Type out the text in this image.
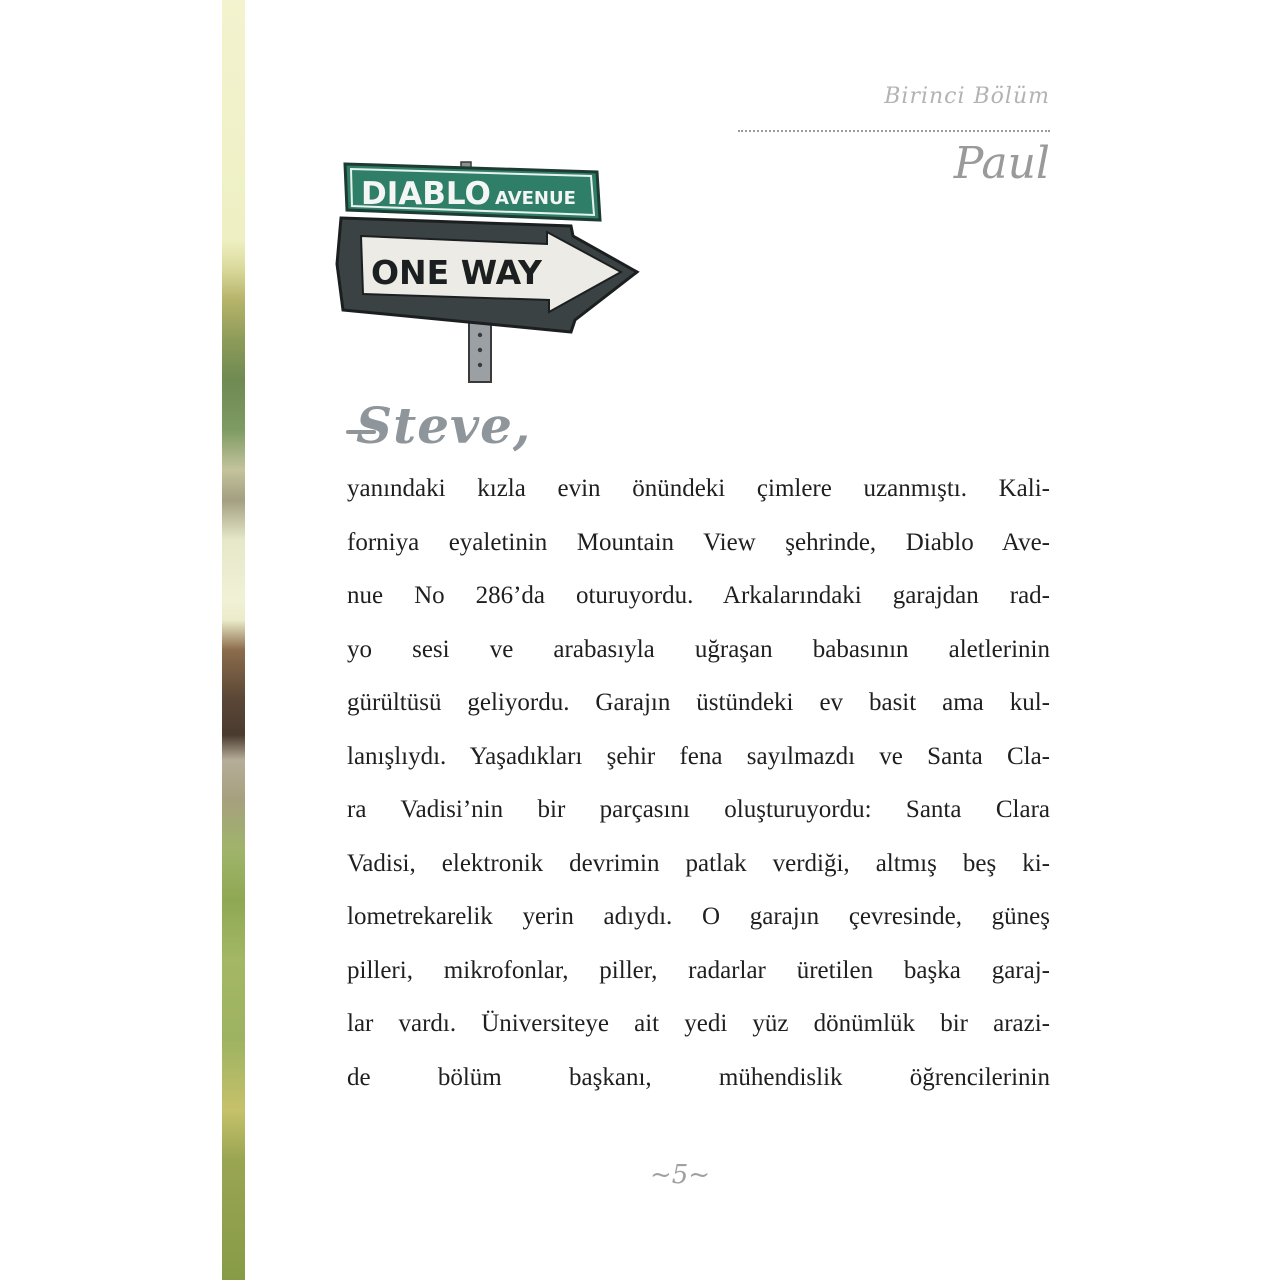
Birinci Bölüm
Paul
DIABLO AVENUE
ONE WAY
Steve,
yanındaki kızla evin önündeki çimlere uzanmıştı. Kali-
forniya eyaletinin Mountain View şehrinde, Diablo Ave-
nue No 286’da oturuyordu. Arkalarındaki garajdan rad-
yo sesi ve arabasıyla uğraşan babasının aletlerinin
gürültüsü geliyordu. Garajın üstündeki ev basit ama kul-
lanışlıydı. Yaşadıkları şehir fena sayılmazdı ve Santa Cla-
ra Vadisi’nin bir parçasını oluşturuyordu: Santa Clara
Vadisi, elektronik devrimin patlak verdiği, altmış beş ki-
lometrekarelik yerin adıydı. O garajın çevresinde, güneş
pilleri, mikrofonlar, piller, radarlar üretilen başka garaj-
lar vardı. Üniversiteye ait yedi yüz dönümlük bir arazi-
de bölüm başkanı, mühendislik öğrencilerinin
~5~
